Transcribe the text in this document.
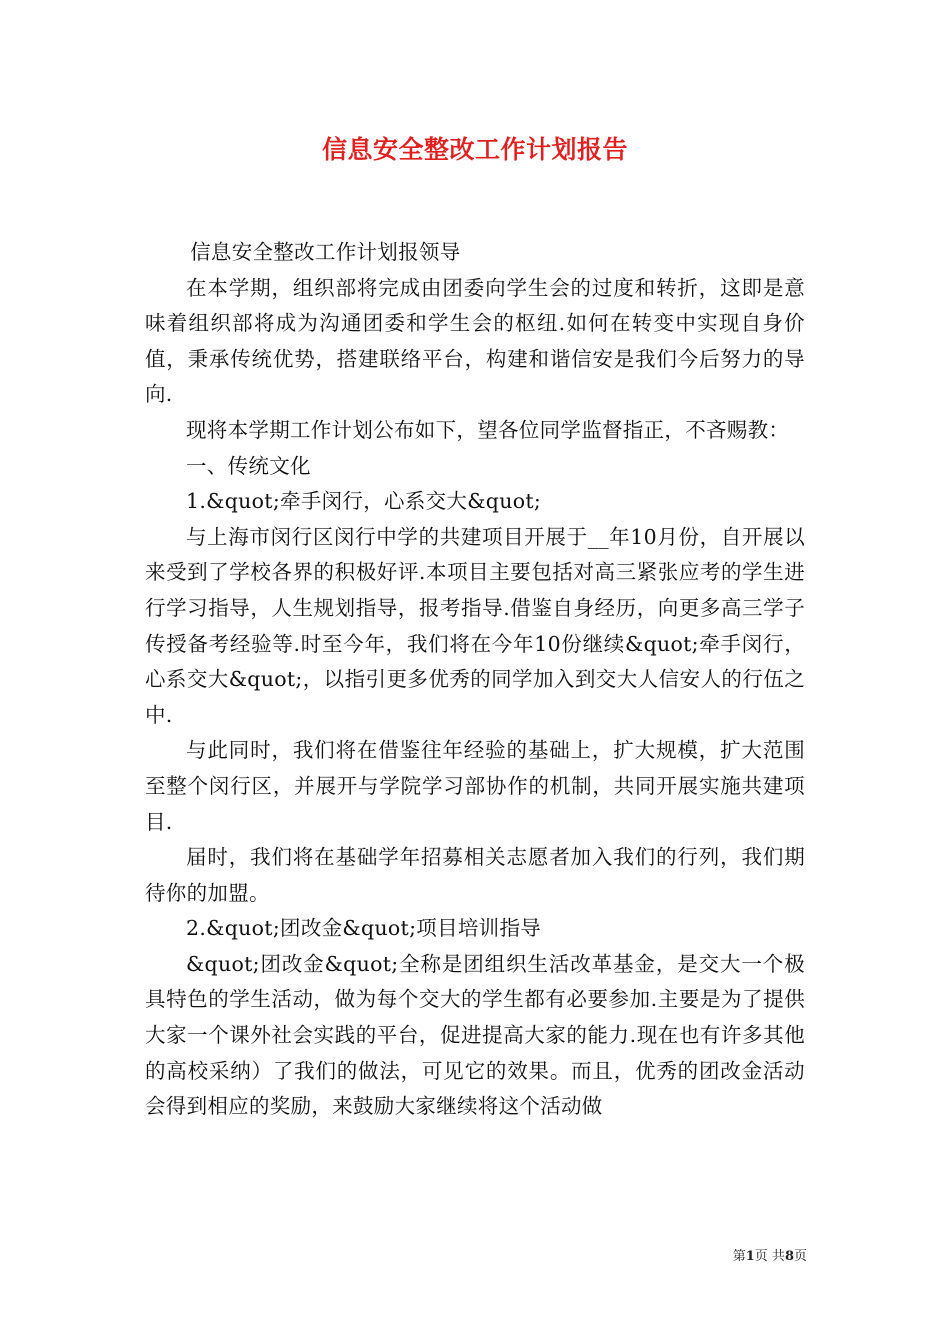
信息安全整改工作计划报告

信息安全整改工作计划报领导

在本学期，组织部将完成由团委向学生会的过度和转折，这即是意味着组织部将成为沟通团委和学生会的枢纽.如何在转变中实现自身价值，秉承传统优势，搭建联络平台，构建和谐信安是我们今后努力的导向.

现将本学期工作计划公布如下，望各位同学监督指正，不吝赐教：

一、传统文化

1.&quot;牵手闵行，心系交大&quot;

与上海市闵行区闵行中学的共建项目开展于__年10月份，自开展以来受到了学校各界的积极好评.本项目主要包括对高三紧张应考的学生进行学习指导，人生规划指导，报考指导.借鉴自身经历，向更多高三学子传授备考经验等.时至今年，我们将在今年10份继续&quot;牵手闵行，心系交大&quot;，以指引更多优秀的同学加入到交大人信安人的行伍之中.

与此同时，我们将在借鉴往年经验的基础上，扩大规模，扩大范围至整个闵行区，并展开与学院学习部协作的机制，共同开展实施共建项目.

届时，我们将在基础学年招募相关志愿者加入我们的行列，我们期待你的加盟。

2.&quot;团改金&quot;项目培训指导

&quot;团改金&quot;全称是团组织生活改革基金，是交大一个极具特色的学生活动，做为每个交大的学生都有必要参加.主要是为了提供大家一个课外社会实践的平台，促进提高大家的能力.现在也有许多其他的高校采纳）了我们的做法，可见它的效果。而且，优秀的团改金活动会得到相应的奖励，来鼓励大家继续将这个活动做

第1页 共8页
